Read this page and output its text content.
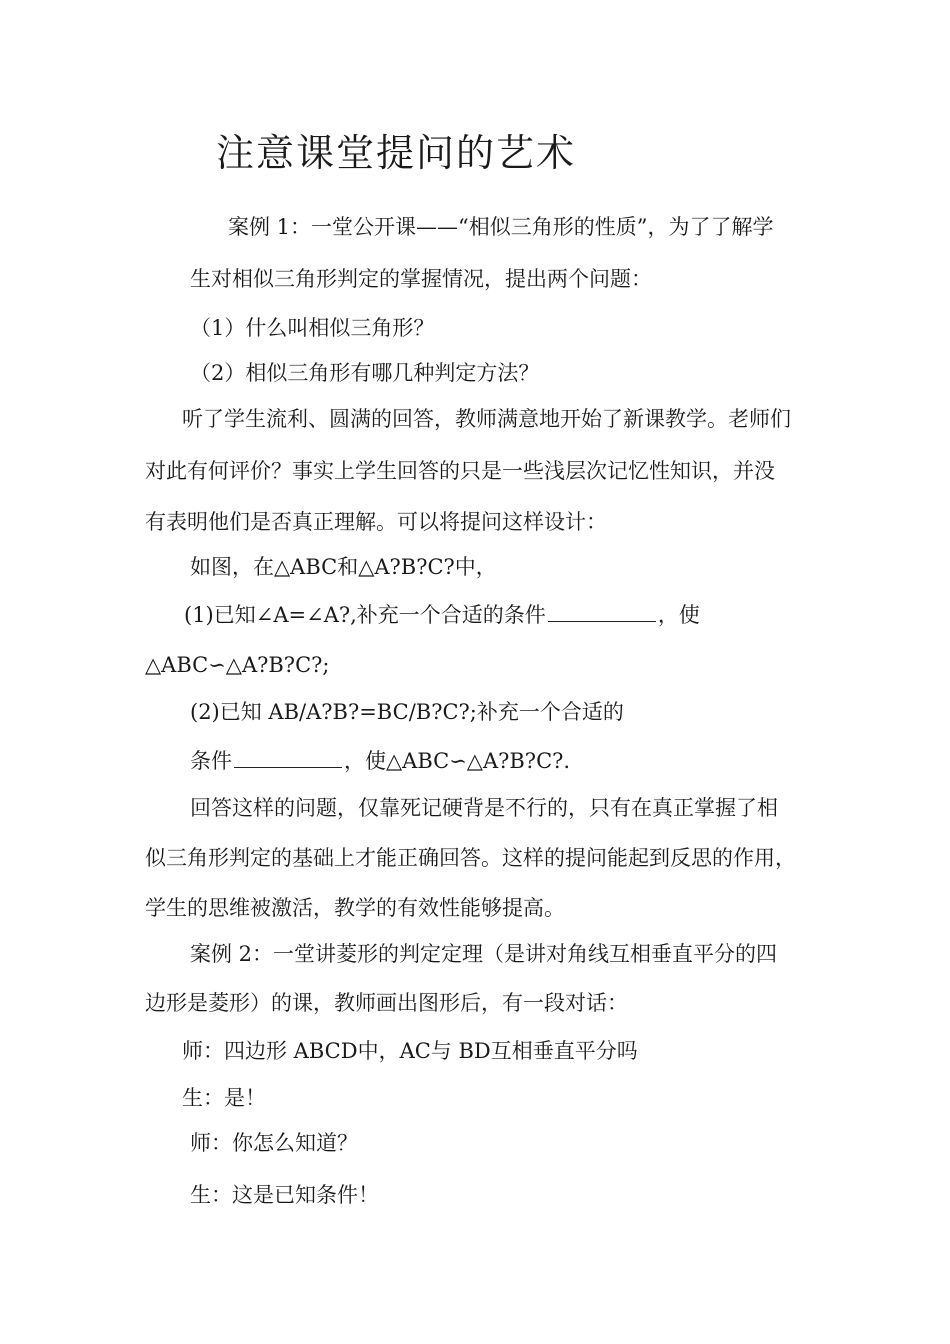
注意课堂提问的艺术
案例 1：一堂公开课——“相似三角形的性质”，为了了解学
生对相似三角形判定的掌握情况，提出两个问题：
（1）什么叫相似三角形？
（2）相似三角形有哪几种判定方法？
听了学生流利、圆满的回答，教师满意地开始了新课教学。老师们
对此有何评价？事实上学生回答的只是一些浅层次记忆性知识，并没
有表明他们是否真正理解。可以将提问这样设计：
如图，在△ABC和△A?B?C?中，
(1)已知∠A=∠A?,补充一个合适的条件	，使
△ABC∽△A?B?C?;
(2)已知 AB/A?B?=BC/B?C?;补充一个合适的
条件	，使△ABC∽△A?B?C?.
回答这样的问题，仅靠死记硬背是不行的，只有在真正掌握了相
似三角形判定的基础上才能正确回答。这样的提问能起到反思的作用，
学生的思维被激活，教学的有效性能够提高。
案例 2：一堂讲菱形的判定定理（是讲对角线互相垂直平分的四
边形是菱形）的课，教师画出图形后，有一段对话：
师：四边形 ABCD中，AC与 BD互相垂直平分吗
生：是！
师：你怎么知道？
生：这是已知条件！
